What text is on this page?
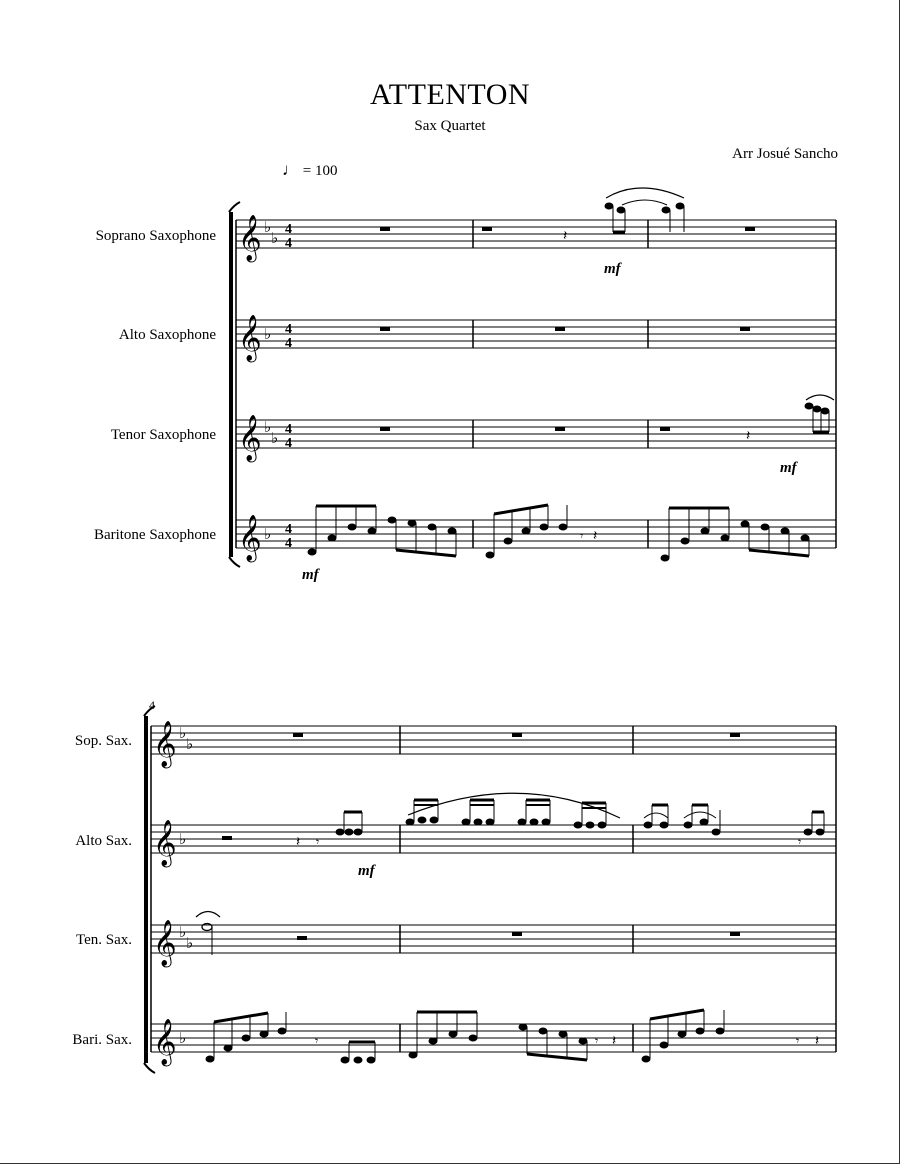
ATTENTON
Sax Quartet
Arr Josué Sancho
♩ = 100
Soprano Saxophone
Alto Saxophone
Tenor Saxophone
Baritone Saxophone
4
Sop. Sax.
Alto Sax.
Ten. Sax.
Bari. Sax.
𝄞
𝄞
𝄞
𝄞
♭
♭
♭
♭
♭
♭
4
4
4
4
4
4
4
4
𝄽
𝄽
𝄽
𝄾
mf
mf
mf
𝄞
𝄞
𝄞
𝄞
♭
♭
♭
♭
♭
♭
𝄽 𝄾	𝄾
𝄾	𝄾 𝄽	𝄾 𝄽
mf
